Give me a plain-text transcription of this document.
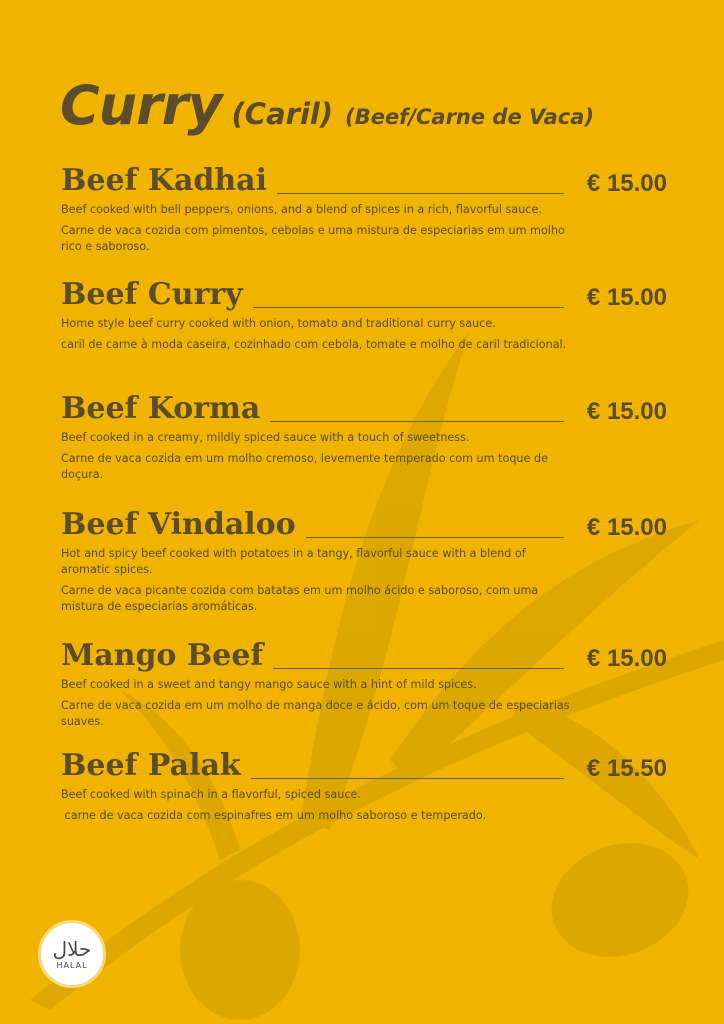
Curry (Caril) (Beef/Carne de Vaca)
Beef Kadhai	€ 15.00
Beef cooked with bell peppers, onions, and a blend of spices in a rich, flavorful sauce.
Carne de vaca cozida com pimentos, cebolas e uma mistura de especiarias em um molho rico e saboroso.
Beef Curry	€ 15.00
Home style beef curry cooked with onion, tomato and traditional curry sauce.
caril de carne à moda caseira, cozinhado com cebola, tomate e molho de caril tradicional.
Beef Korma	€ 15.00
Beef cooked in a creamy, mildly spiced sauce with a touch of sweetness.
Carne de vaca cozida em um molho cremoso, levemente temperado com um toque de doçura.
Beef Vindaloo	€ 15.00
Hot and spicy beef cooked with potatoes in a tangy, flavorful sauce with a blend of aromatic spices.
Carne de vaca picante cozida com batatas em um molho ácido e saboroso, com uma mistura de especiarias aromáticas.
Mango Beef	€ 15.00
Beef cooked in a sweet and tangy mango sauce with a hint of mild spices.
Carne de vaca cozida em um molho de manga doce e ácido, com um toque de especiarias suaves.
Beef Palak	€ 15.50
Beef cooked with spinach in a flavorful, spiced sauce.
carne de vaca cozida com espinafres em um molho saboroso e temperado.
حلال
HALAL
